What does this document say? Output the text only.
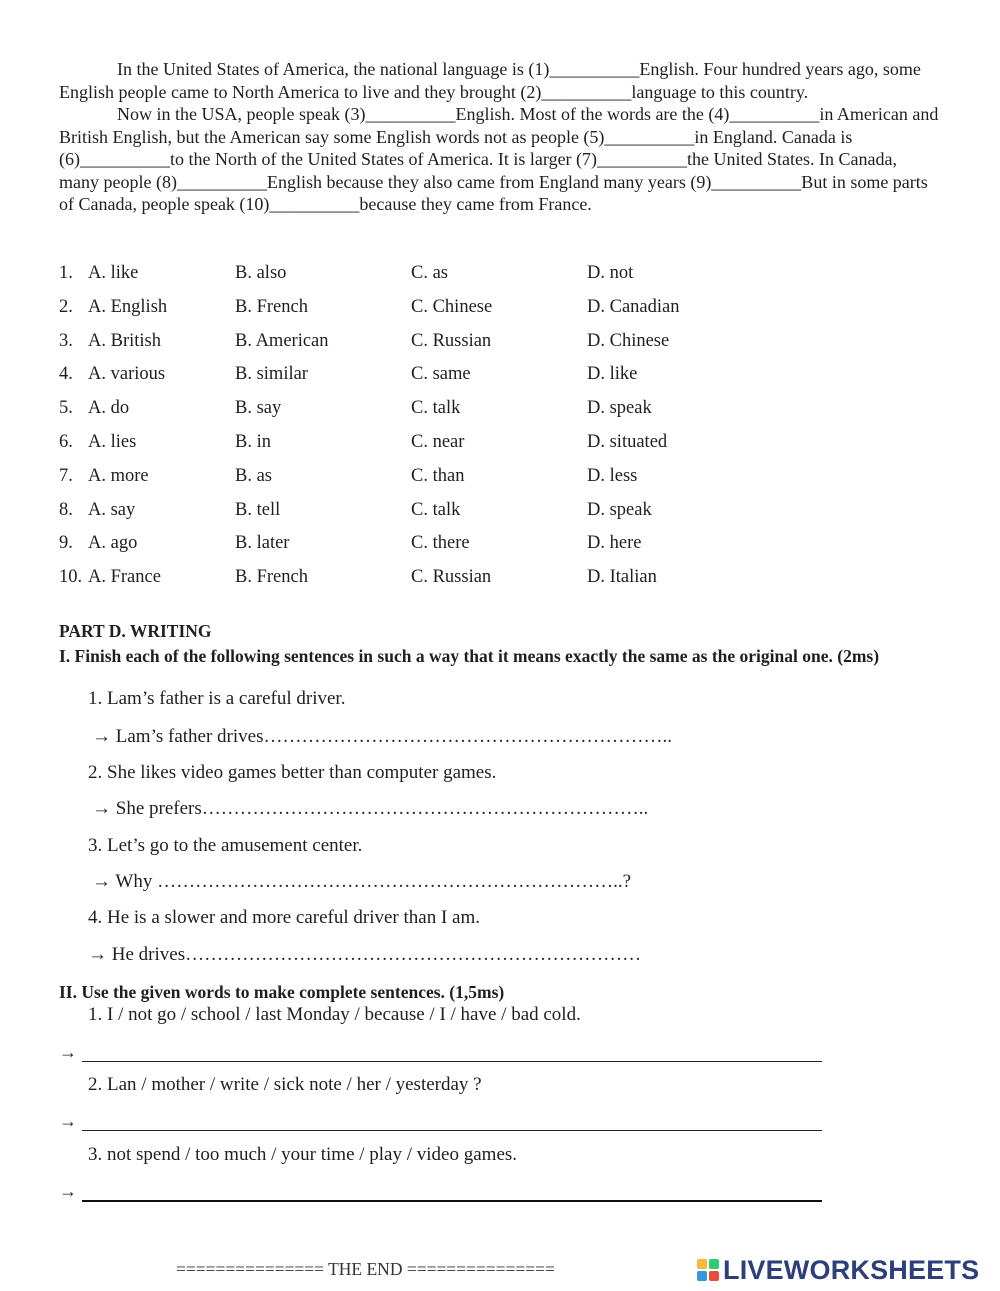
In the United States of America, the national language is (1)__________English. Four hundred years ago, some English people came to North America to live and they brought (2)__________language to this country.

Now in the USA, people speak (3)__________English. Most of the words are the (4)__________in American and British English, but the American say some English words not as people (5)__________in England. Canada is (6)__________to the North of the United States of America. It is larger (7)__________the United States. In Canada, many people (8)__________English because they also came from England many years (9)__________But in some parts of Canada, people speak (10)__________because they came from France.

1. A. like	B. also	C. as	D. not
2. A. English	B. French	C. Chinese	D. Canadian
3. A. British	B. American	C. Russian	D. Chinese
4. A. various	B. similar	C. same	D. like
5. A. do	B. say	C. talk	D. speak
6. A. lies	B. in	C. near	D. situated
7. A. more	B. as	C. than	D. less
8. A. say	B. tell	C. talk	D. speak
9. A. ago	B. later	C. there	D. here
10. A. France	B. French	C. Russian	D. Italian
PART D. WRITING
I. Finish each of the following sentences in such a way that it means exactly the same as the original one. (2ms)
1. Lam’s father is a careful driver.
→ Lam’s father drives………………………………………………………..
2. She likes video games better than computer games.
→ She prefers……………………………………………………………..
3. Let’s go to the amusement center.
→ Why ………………………………………………………………..?
4. He is a slower and more careful driver than I am.
→ He drives………………………………………………………………
II. Use the given words to make complete sentences. (1,5ms)
1. I / not go / school / last Monday / because / I / have / bad cold.
→
2. Lan / mother / write / sick note / her / yesterday ?
→
3. not spend / too much / your time / play / video games.
→
=============== THE END ===============	LIVEWORKSHEETS
